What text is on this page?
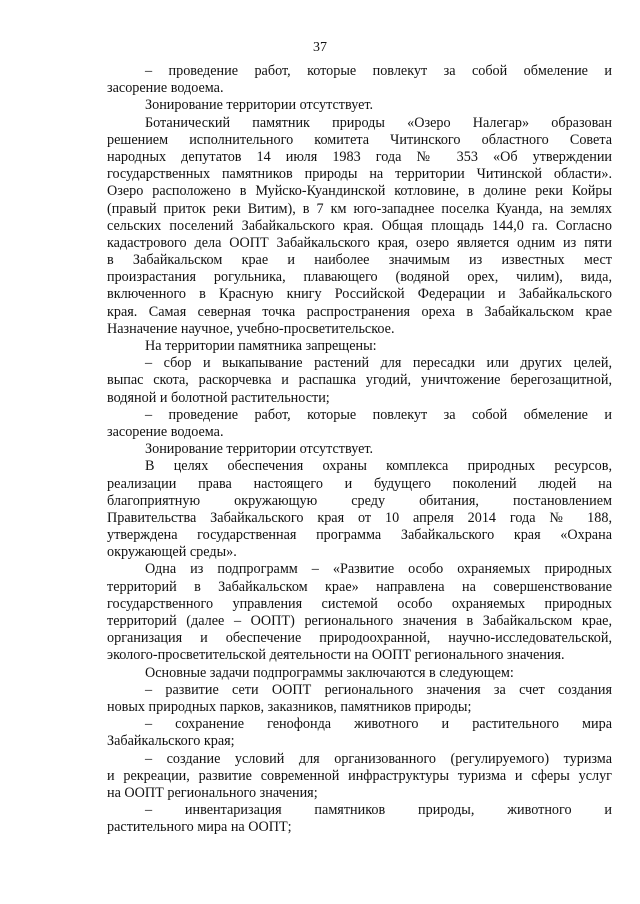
37
– проведение работ, которые повлекут за собой обмеление и
засорение водоема.
Зонирование территории отсутствует.
Ботанический памятник природы «Озеро Налегар» образован
решением исполнительного комитета Читинского областного Совета
народных депутатов 14 июля 1983 года № 353 «Об утверждении
государственных памятников природы на территории Читинской области».
Озеро расположено в Муйско-Куандинской котловине, в долине реки Койры
(правый приток реки Витим), в 7 км юго-западнее поселка Куанда, на землях
сельских поселений Забайкальского края. Общая площадь 144,0 га. Согласно
кадастрового дела ООПТ Забайкальского края, озеро является одним из пяти
в Забайкальском крае и наиболее значимым из известных мест
произрастания рогульника, плавающего (водяной орех, чилим), вида,
включенного в Красную книгу Российской Федерации и Забайкальского
края. Самая северная точка распространения ореха в Забайкальском крае
Назначение научное, учебно-просветительское.
На территории памятника запрещены:
– сбор и выкапывание растений для пересадки или других целей,
выпас скота, раскорчевка и распашка угодий, уничтожение берегозащитной,
водяной и болотной растительности;
– проведение работ, которые повлекут за собой обмеление и
засорение водоема.
Зонирование территории отсутствует.
В целях обеспечения охраны комплекса природных ресурсов,
реализации права настоящего и будущего поколений людей на
благоприятную окружающую среду обитания, постановлением
Правительства Забайкальского края от 10 апреля 2014 года № 188,
утверждена государственная программа Забайкальского края «Охрана
окружающей среды».
Одна из подпрограмм – «Развитие особо охраняемых природных
территорий в Забайкальском крае» направлена на совершенствование
государственного управления системой особо охраняемых природных
территорий (далее – ООПТ) регионального значения в Забайкальском крае,
организация и обеспечение природоохранной, научно-исследовательской,
эколого-просветительской деятельности на ООПТ регионального значения.
Основные задачи подпрограммы заключаются в следующем:
– развитие сети ООПТ регионального значения за счет создания
новых природных парков, заказников, памятников природы;
– сохранение генофонда животного и растительного мира
Забайкальского края;
– создание условий для организованного (регулируемого) туризма
и рекреации, развитие современной инфраструктуры туризма и сферы услуг
на ООПТ регионального значения;
– инвентаризация памятников природы, животного и
растительного мира на ООПТ;
